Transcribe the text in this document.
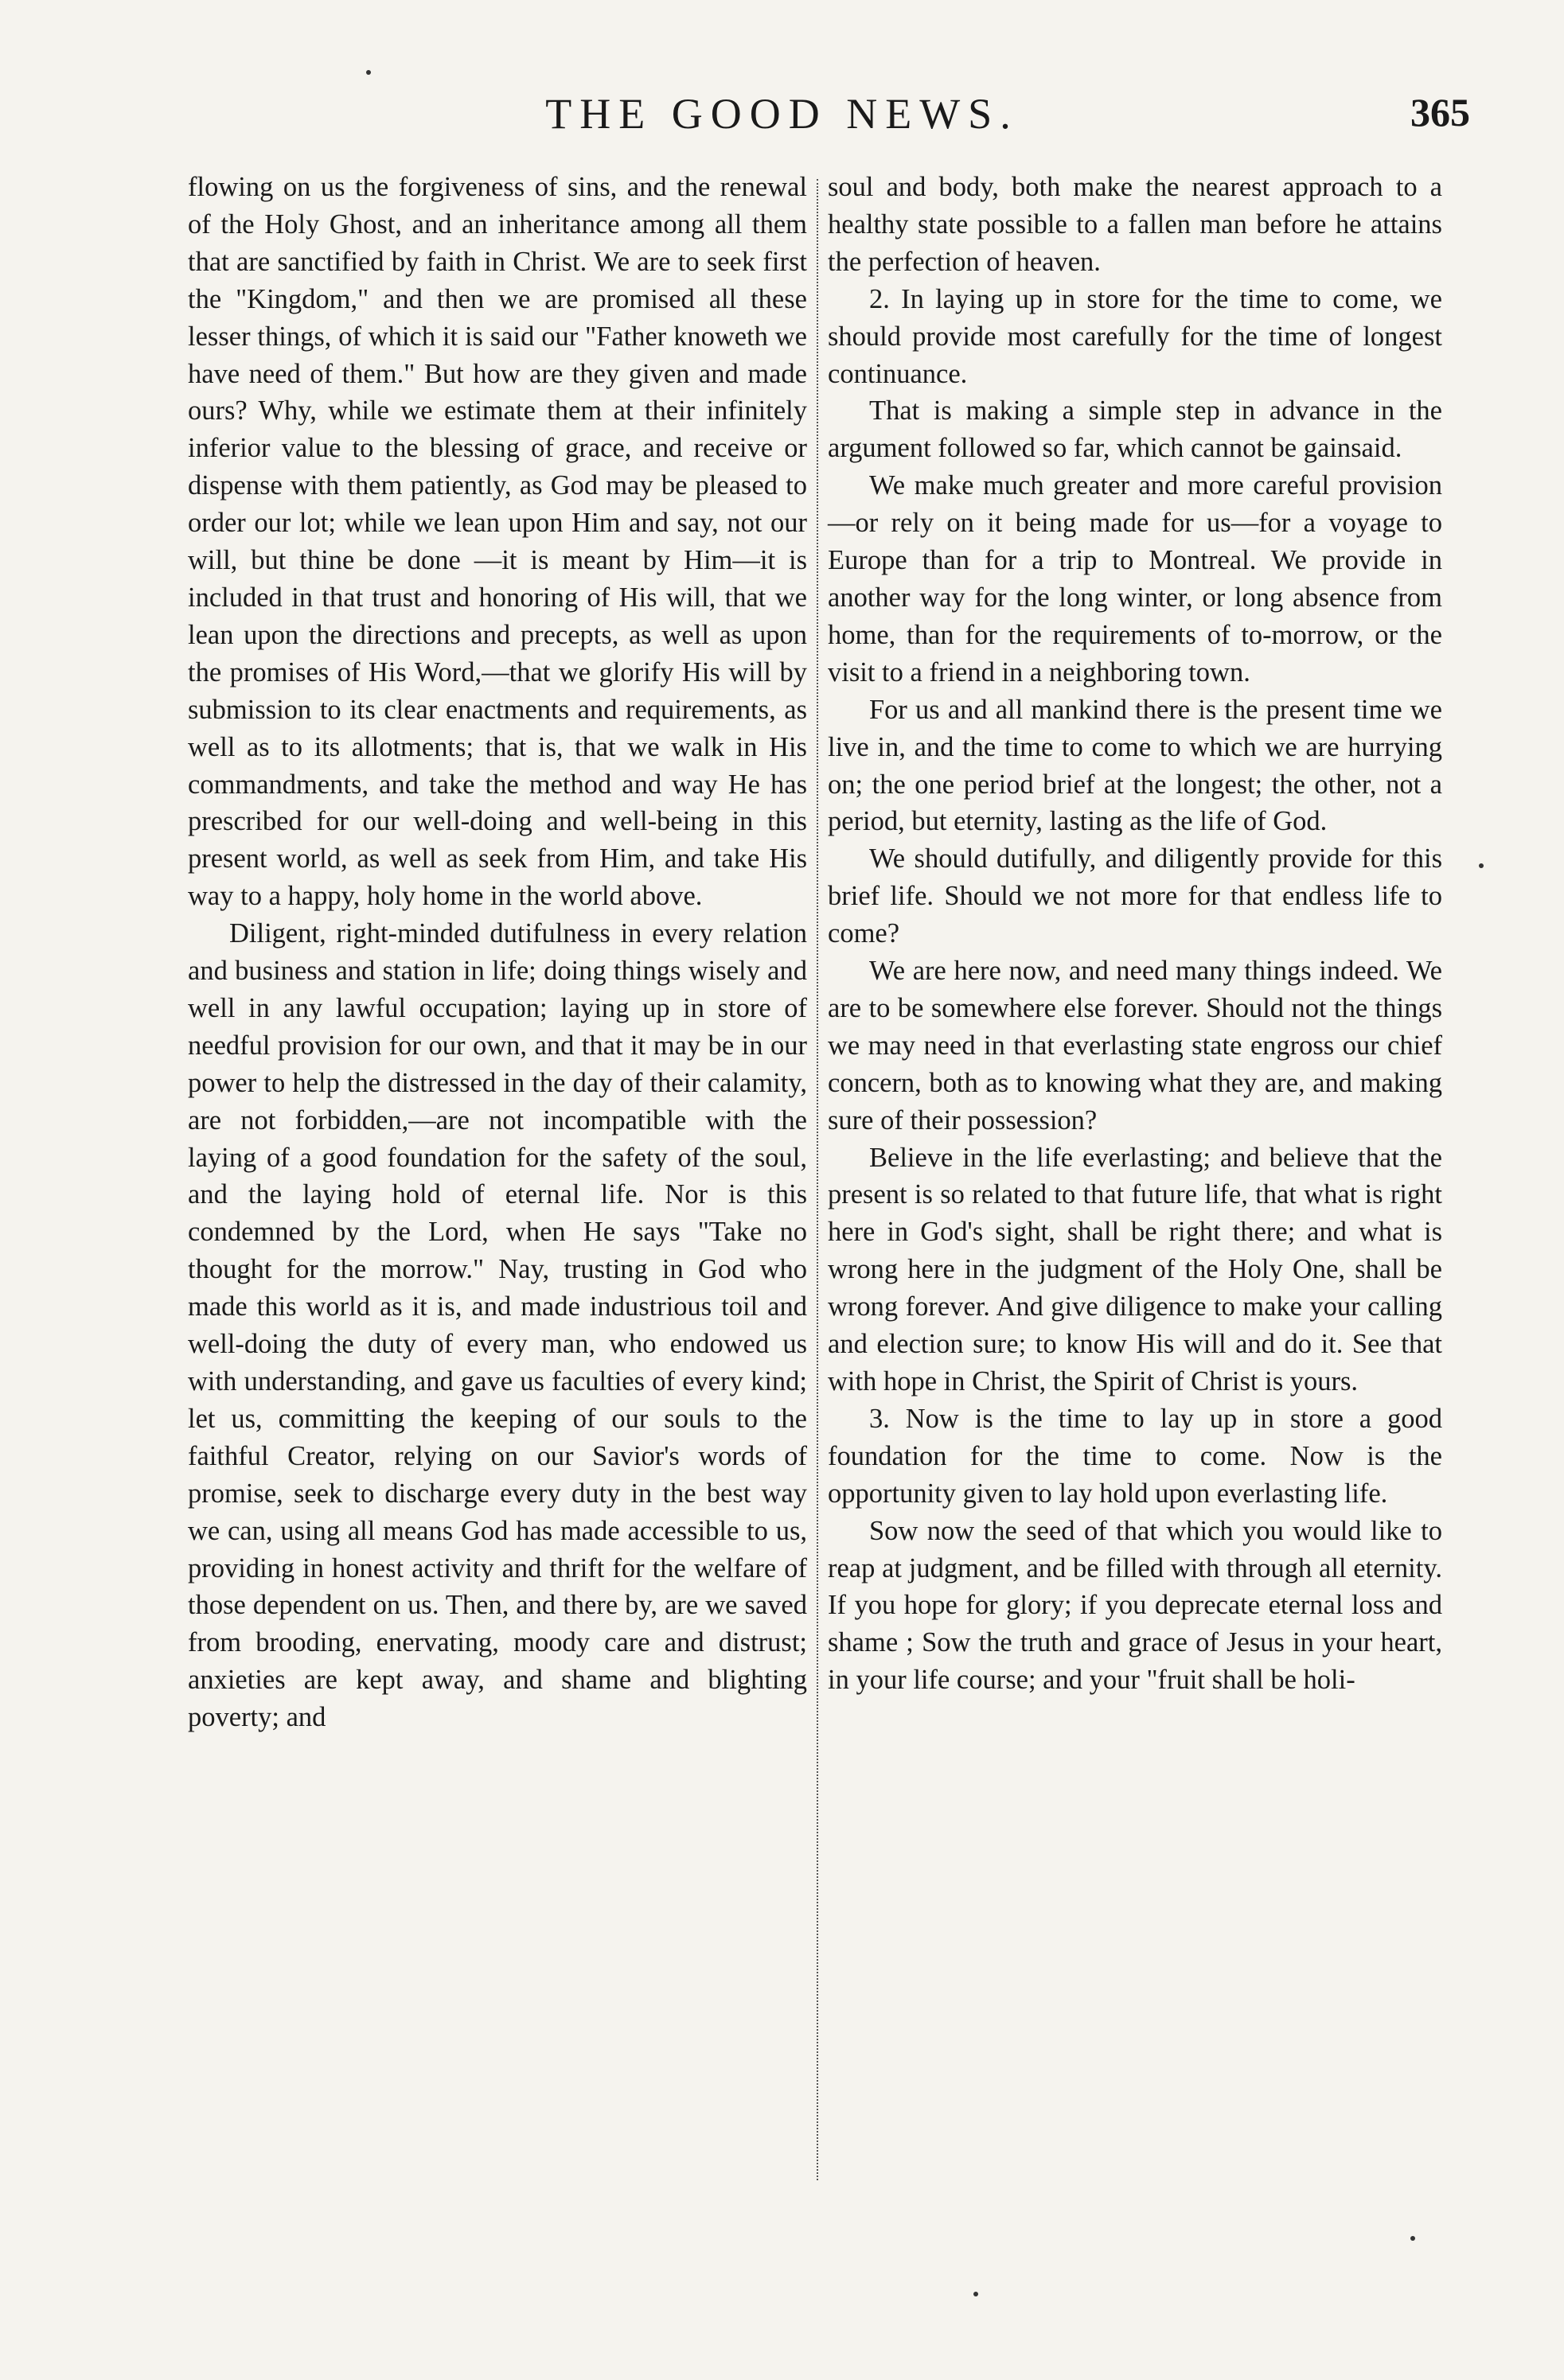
THE GOOD NEWS.	365

flowing on us the forgiveness of sins, and the renewal of the Holy Ghost, and an inheritance among all them that are sanctified by faith in Christ. We are to seek first the "Kingdom," and then we are promised all these lesser things, of which it is said our "Father knoweth we have need of them." But how are they given and made ours? Why, while we estimate them at their infinitely inferior value to the blessing of grace, and receive or dispense with them patiently, as God may be pleased to order our lot; while we lean upon Him and say, not our will, but thine be done —it is meant by Him—it is included in that trust and honoring of His will, that we lean upon the directions and precepts, as well as upon the promises of His Word,—that we glorify His will by submission to its clear enactments and requirements, as well as to its allotments; that is, that we walk in His commandments, and take the method and way He has prescribed for our well-doing and well-being in this present world, as well as seek from Him, and take His way to a happy, holy home in the world above.

Diligent, right-minded dutifulness in every relation and business and station in life; doing things wisely and well in any lawful occupation; laying up in store of needful provision for our own, and that it may be in our power to help the distressed in the day of their calamity, are not forbidden,—are not incompatible with the laying of a good foundation for the safety of the soul, and the laying hold of eternal life. Nor is this condemned by the Lord, when He says "Take no thought for the morrow." Nay, trusting in God who made this world as it is, and made industrious toil and well-doing the duty of every man, who endowed us with understanding, and gave us faculties of every kind; let us, committing the keeping of our souls to the faithful Creator, relying on our Savior's words of promise, seek to discharge every duty in the best way we can, using all means God has made accessible to us, providing in honest activity and thrift for the welfare of those dependent on us. Then, and there by, are we saved from brooding, enervating, moody care and distrust; anxieties are kept away, and shame and blighting poverty; and

soul and body, both make the nearest approach to a healthy state possible to a fallen man before he attains the perfection of heaven.

2. In laying up in store for the time to come, we should provide most carefully for the time of longest continuance.

That is making a simple step in advance in the argument followed so far, which cannot be gainsaid.

We make much greater and more careful provision—or rely on it being made for us—for a voyage to Europe than for a trip to Montreal. We provide in another way for the long winter, or long absence from home, than for the requirements of to-morrow, or the visit to a friend in a neighboring town.

For us and all mankind there is the present time we live in, and the time to come to which we are hurrying on; the one period brief at the longest; the other, not a period, but eternity, lasting as the life of God.

We should dutifully, and diligently provide for this brief life. Should we not more for that endless life to come?

We are here now, and need many things indeed. We are to be somewhere else forever. Should not the things we may need in that everlasting state engross our chief concern, both as to knowing what they are, and making sure of their possession?

Believe in the life everlasting; and believe that the present is so related to that future life, that what is right here in God's sight, shall be right there; and what is wrong here in the judgment of the Holy One, shall be wrong forever. And give diligence to make your calling and election sure; to know His will and do it. See that with hope in Christ, the Spirit of Christ is yours.

3. Now is the time to lay up in store a good foundation for the time to come. Now is the opportunity given to lay hold upon everlasting life.

Sow now the seed of that which you would like to reap at judgment, and be filled with through all eternity. If you hope for glory; if you deprecate eternal loss and shame ; Sow the truth and grace of Jesus in your heart, in your life course; and your "fruit shall be holi-
